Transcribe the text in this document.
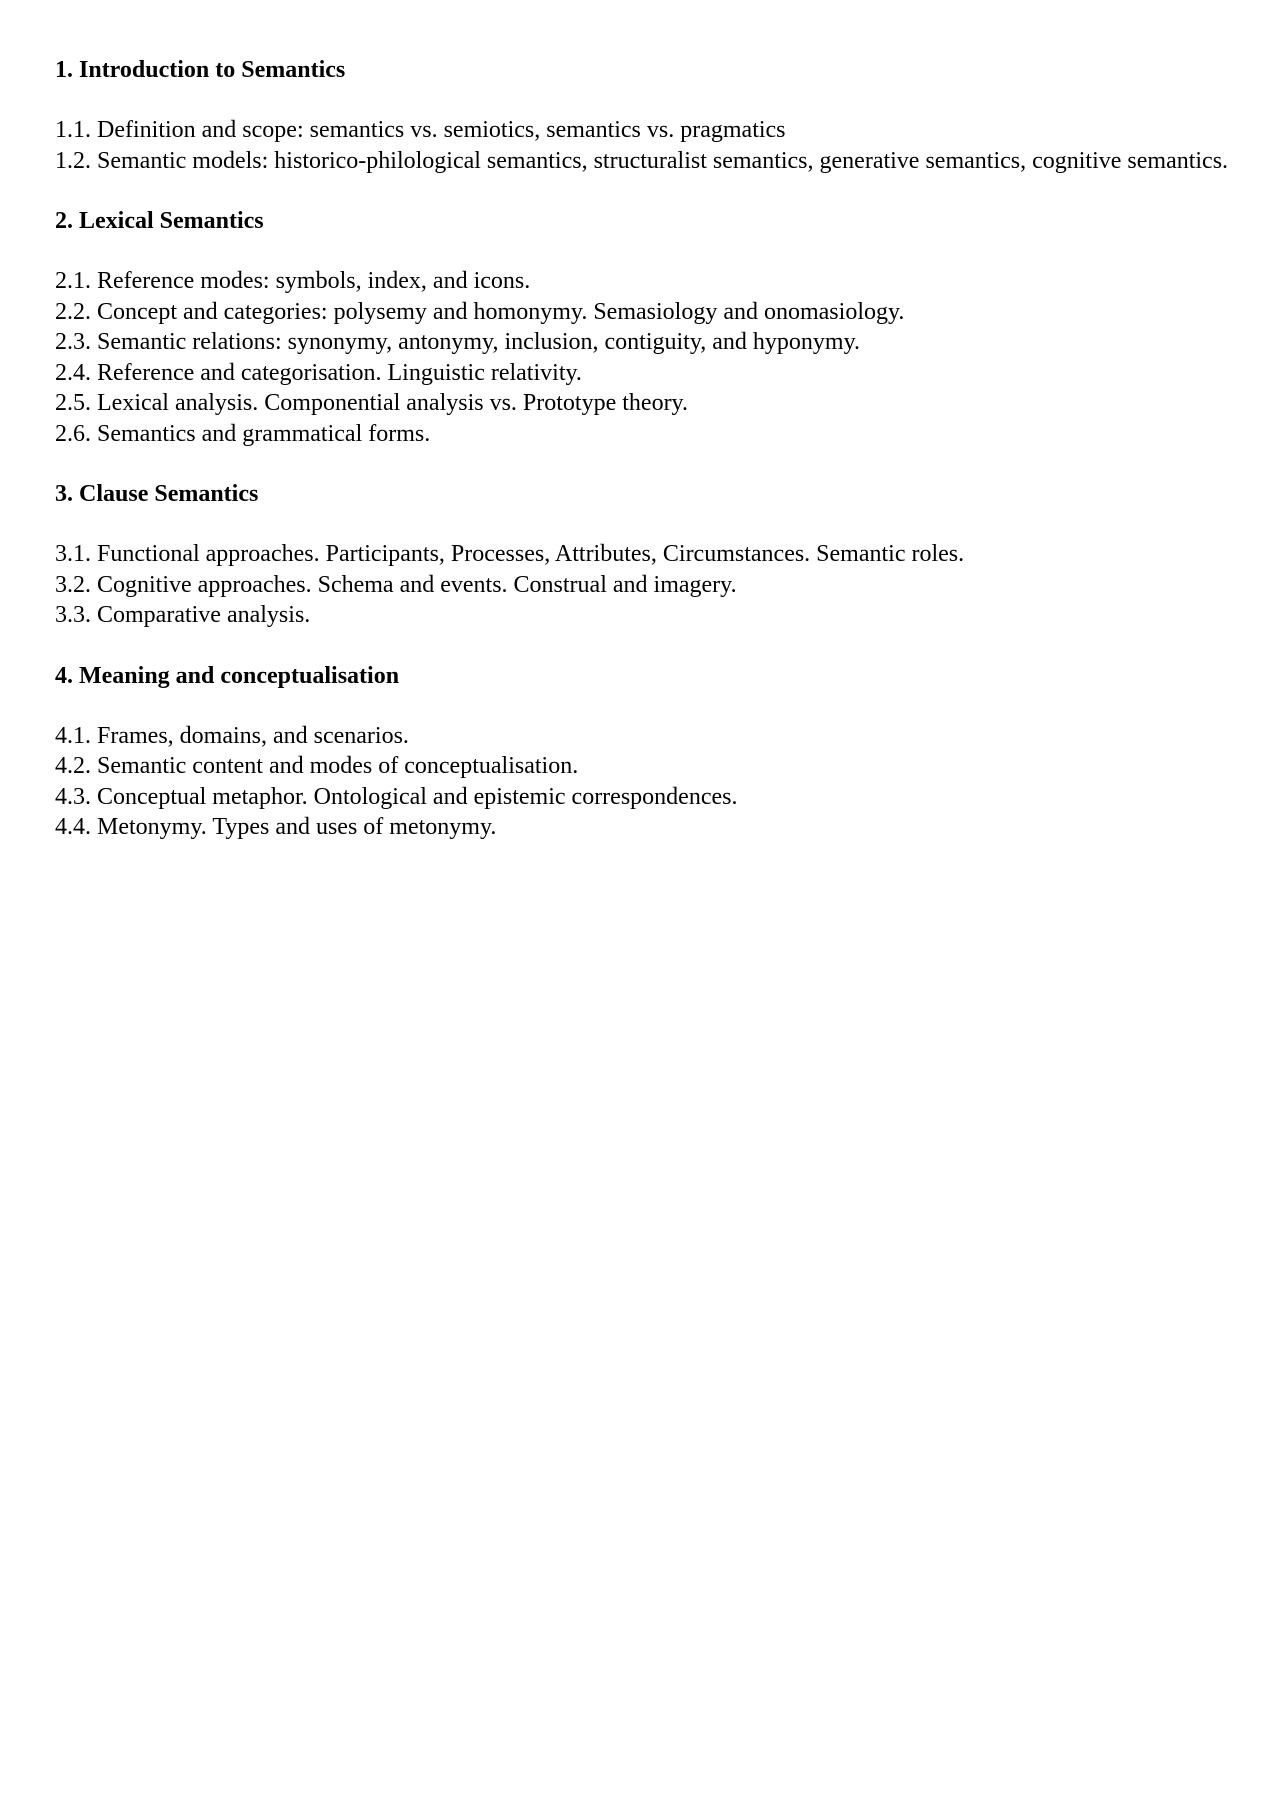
1. Introduction to Semantics

1.1. Definition and scope: semantics vs. semiotics, semantics vs. pragmatics

1.2. Semantic models: historico-philological semantics, structuralist semantics, generative semantics, cognitive semantics.

2. Lexical Semantics

2.1. Reference modes: symbols, index, and icons.

2.2. Concept and categories: polysemy and homonymy. Semasiology and onomasiology.

2.3. Semantic relations: synonymy, antonymy, inclusion, contiguity, and hyponymy.

2.4. Reference and categorisation. Linguistic relativity.

2.5. Lexical analysis. Componential analysis vs. Prototype theory.

2.6. Semantics and grammatical forms.

3. Clause Semantics

3.1. Functional approaches. Participants, Processes, Attributes, Circumstances. Semantic roles.

3.2. Cognitive approaches. Schema and events. Construal and imagery.

3.3. Comparative analysis.

4. Meaning and conceptualisation

4.1. Frames, domains, and scenarios.

4.2. Semantic content and modes of conceptualisation.

4.3. Conceptual metaphor. Ontological and epistemic correspondences.

4.4. Metonymy. Types and uses of metonymy.
